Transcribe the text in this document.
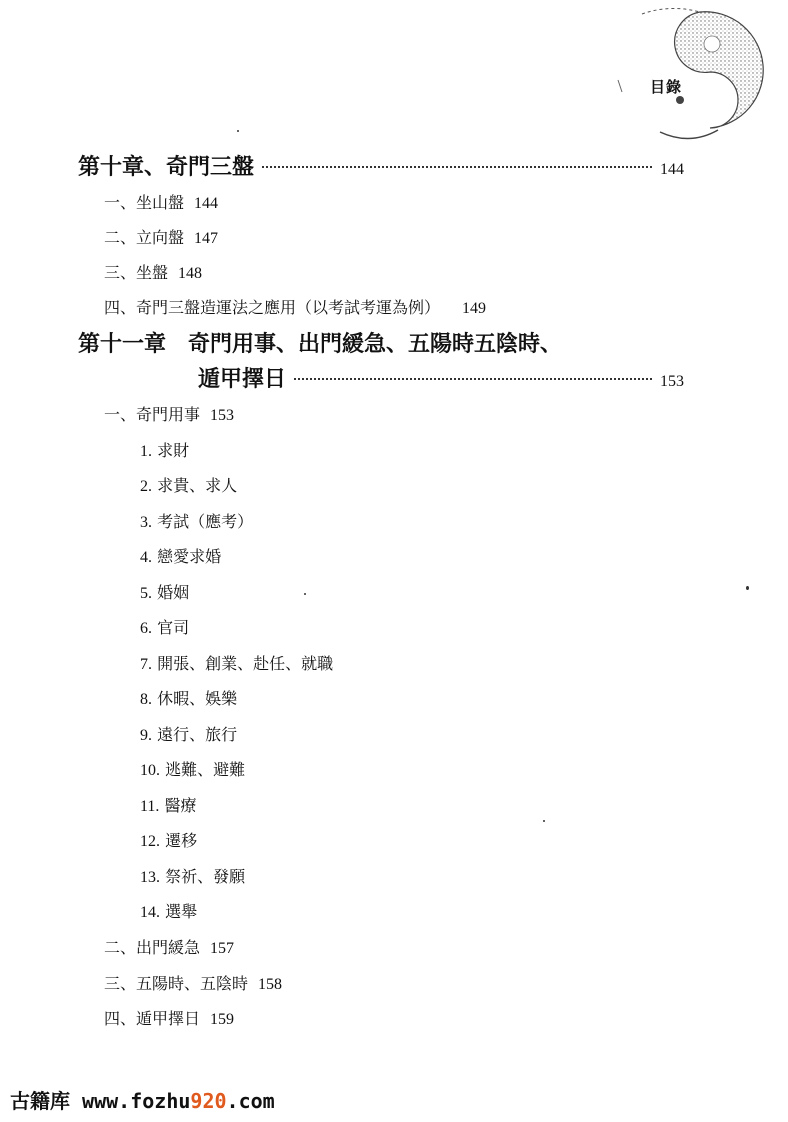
目錄
第十章、奇門三盤	144
一、坐山盤 144
二、立向盤 147
三、坐盤 148
四、奇門三盤造運法之應用（以考試考運為例） 149
第十一章　奇門用事、出門緩急、五陽時五陰時、
遁甲擇日	153
一、奇門用事 153
1. 求財
2. 求貴、求人
3. 考試（應考）
4. 戀愛求婚
5. 婚姻
6. 官司
7. 開張、創業、赴任、就職
8. 休暇、娛樂
9. 遠行、旅行
10. 逃難、避難
11. 醫療
12. 遷移
13. 祭祈、發願
14. 選舉
二、出門緩急 157
三、五陽時、五陰時 158
四、遁甲擇日 159
古籍库 www.fozhu920.com
